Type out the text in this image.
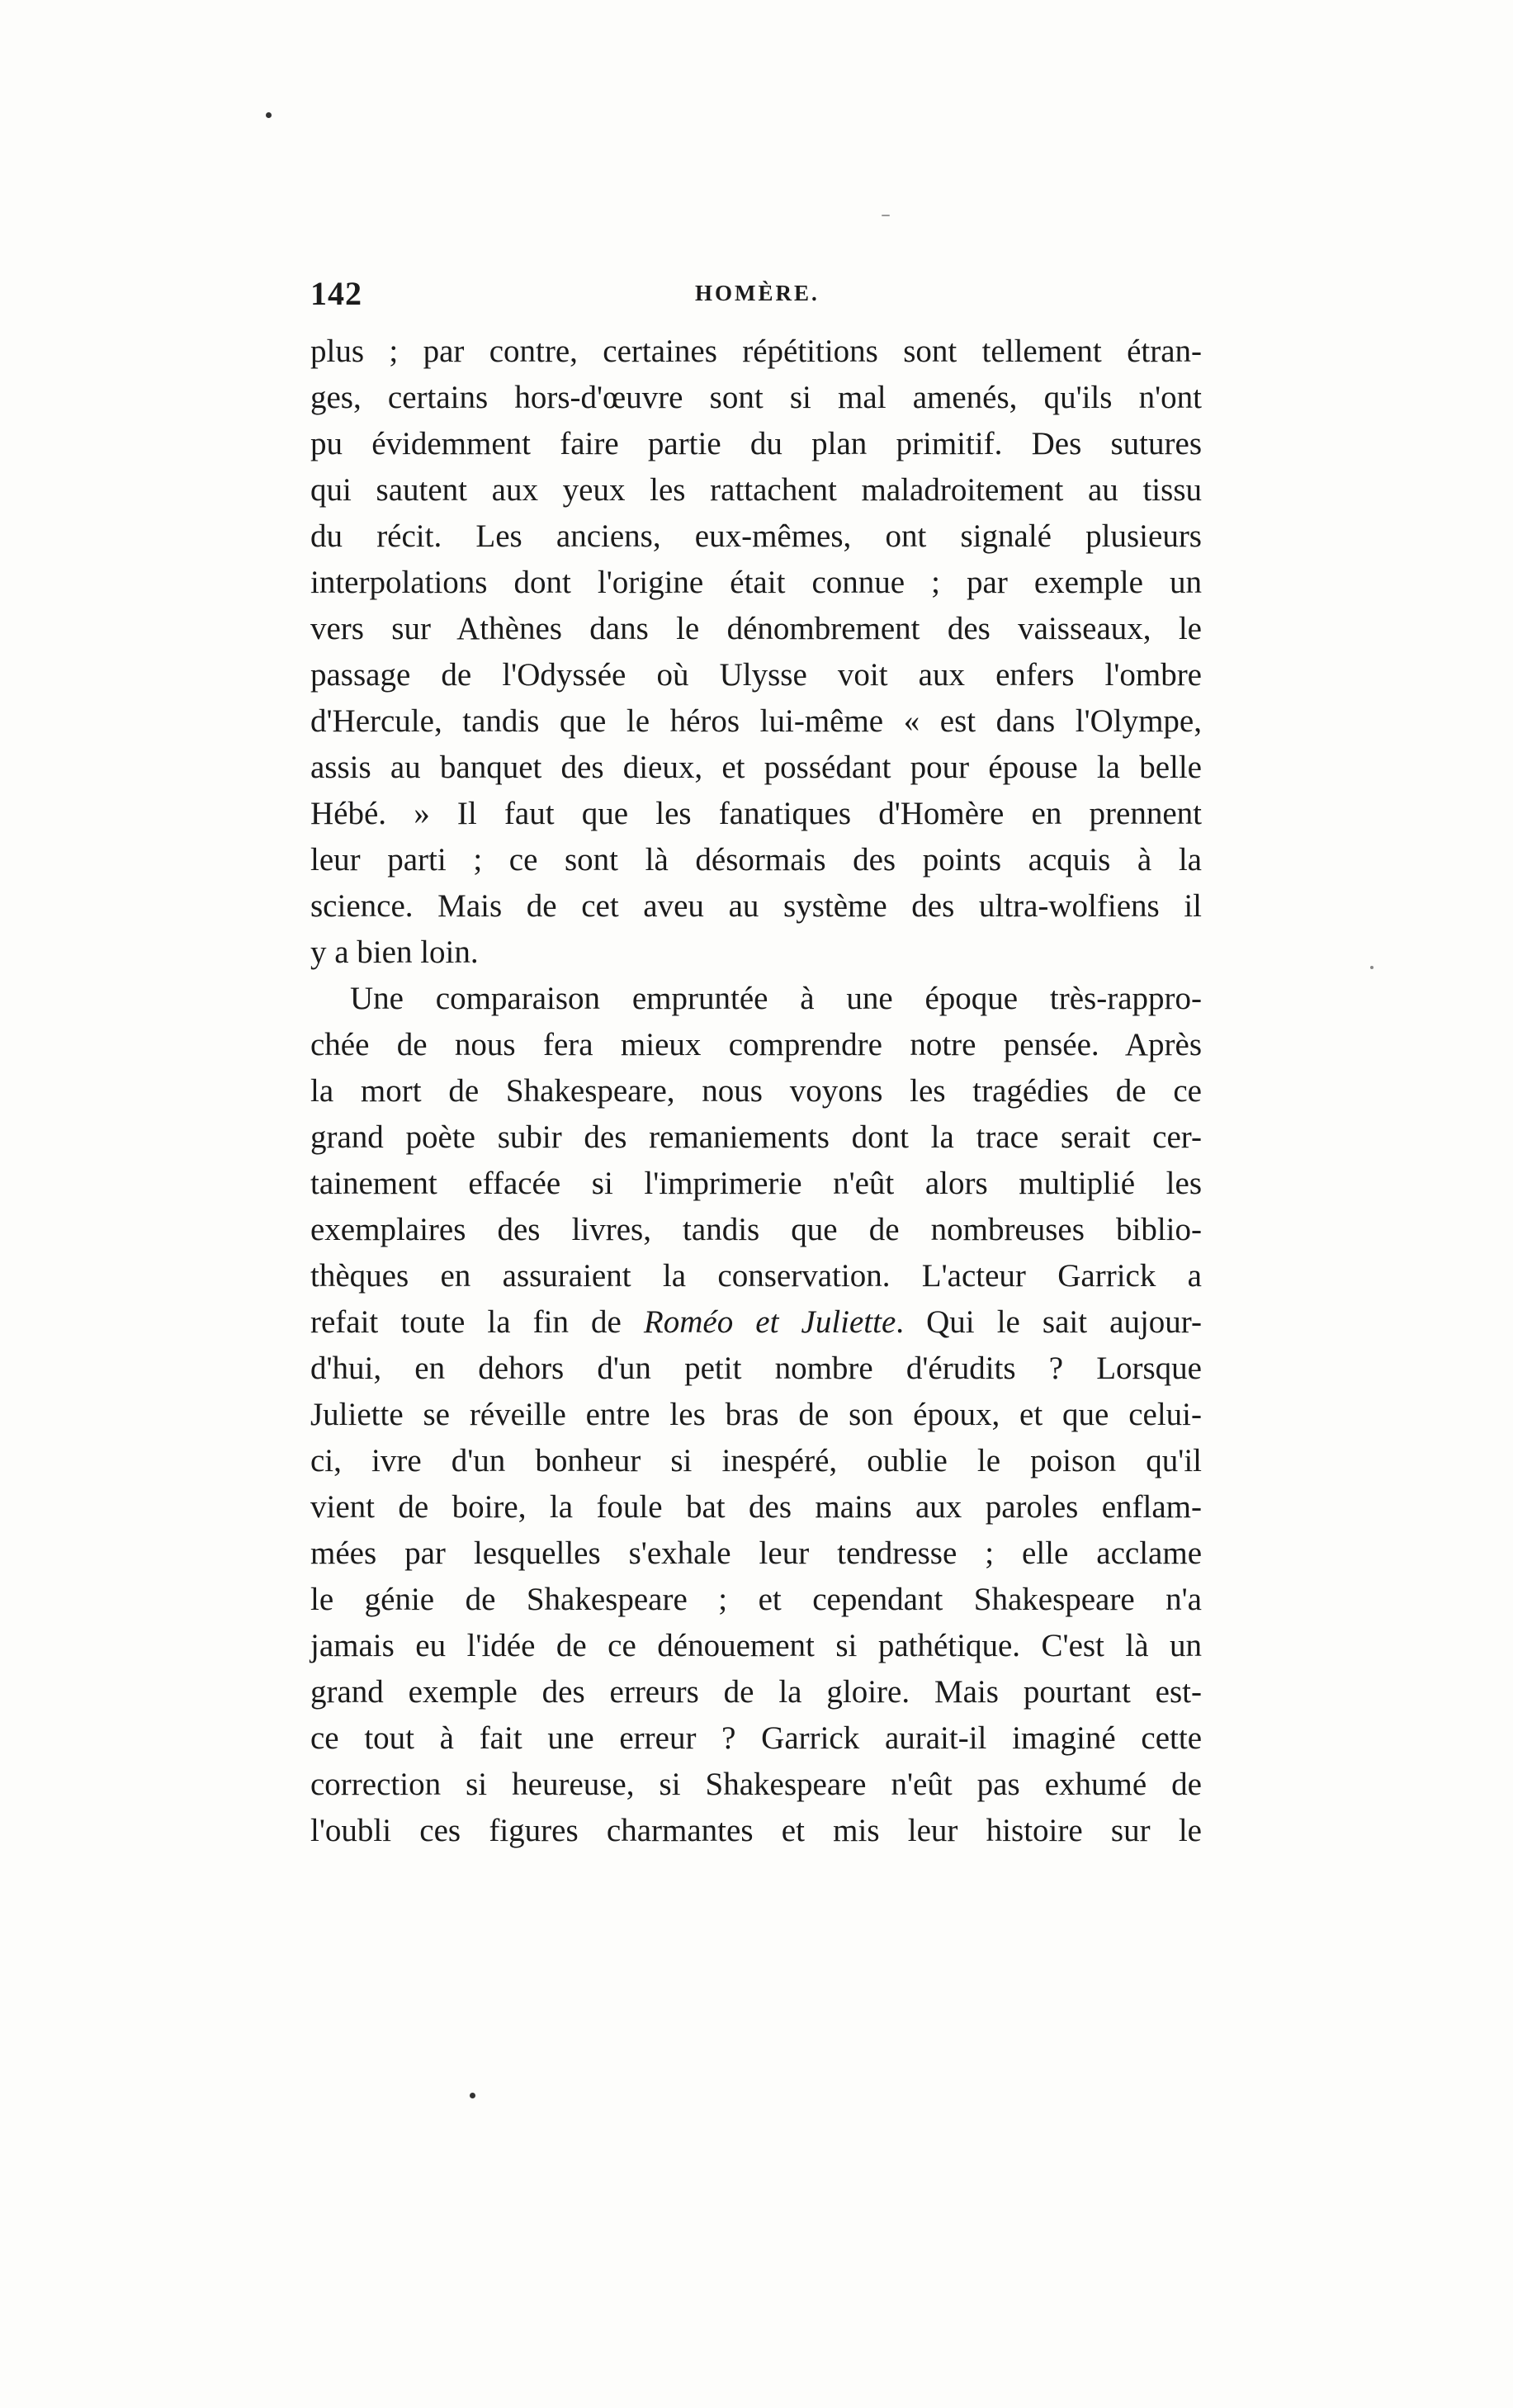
142	HOMÈRE.
plus ; par contre, certaines répétitions sont tellement étran-
ges, certains hors-d'œuvre sont si mal amenés, qu'ils n'ont
pu évidemment faire partie du plan primitif. Des sutures
qui sautent aux yeux les rattachent maladroitement au tissu
du récit. Les anciens, eux-mêmes, ont signalé plusieurs
interpolations dont l'origine était connue ; par exemple un
vers sur Athènes dans le dénombrement des vaisseaux, le
passage de l'Odyssée où Ulysse voit aux enfers l'ombre
d'Hercule, tandis que le héros lui-même « est dans l'Olympe,
assis au banquet des dieux, et possédant pour épouse la belle
Hébé. » Il faut que les fanatiques d'Homère en prennent
leur parti ; ce sont là désormais des points acquis à la
science. Mais de cet aveu au système des ultra-wolfiens il
y a bien loin.
Une comparaison empruntée à une époque très-rappro-
chée de nous fera mieux comprendre notre pensée. Après
la mort de Shakespeare, nous voyons les tragédies de ce
grand poète subir des remaniements dont la trace serait cer-
tainement effacée si l'imprimerie n'eût alors multiplié les
exemplaires des livres, tandis que de nombreuses biblio-
thèques en assuraient la conservation. L'acteur Garrick a
refait toute la fin de Roméo et Juliette. Qui le sait aujour-
d'hui, en dehors d'un petit nombre d'érudits ? Lorsque
Juliette se réveille entre les bras de son époux, et que celui-
ci, ivre d'un bonheur si inespéré, oublie le poison qu'il
vient de boire, la foule bat des mains aux paroles enflam-
mées par lesquelles s'exhale leur tendresse ; elle acclame
le génie de Shakespeare ; et cependant Shakespeare n'a
jamais eu l'idée de ce dénouement si pathétique. C'est là un
grand exemple des erreurs de la gloire. Mais pourtant est-
ce tout à fait une erreur ? Garrick aurait-il imaginé cette
correction si heureuse, si Shakespeare n'eût pas exhumé de
l'oubli ces figures charmantes et mis leur histoire sur le
